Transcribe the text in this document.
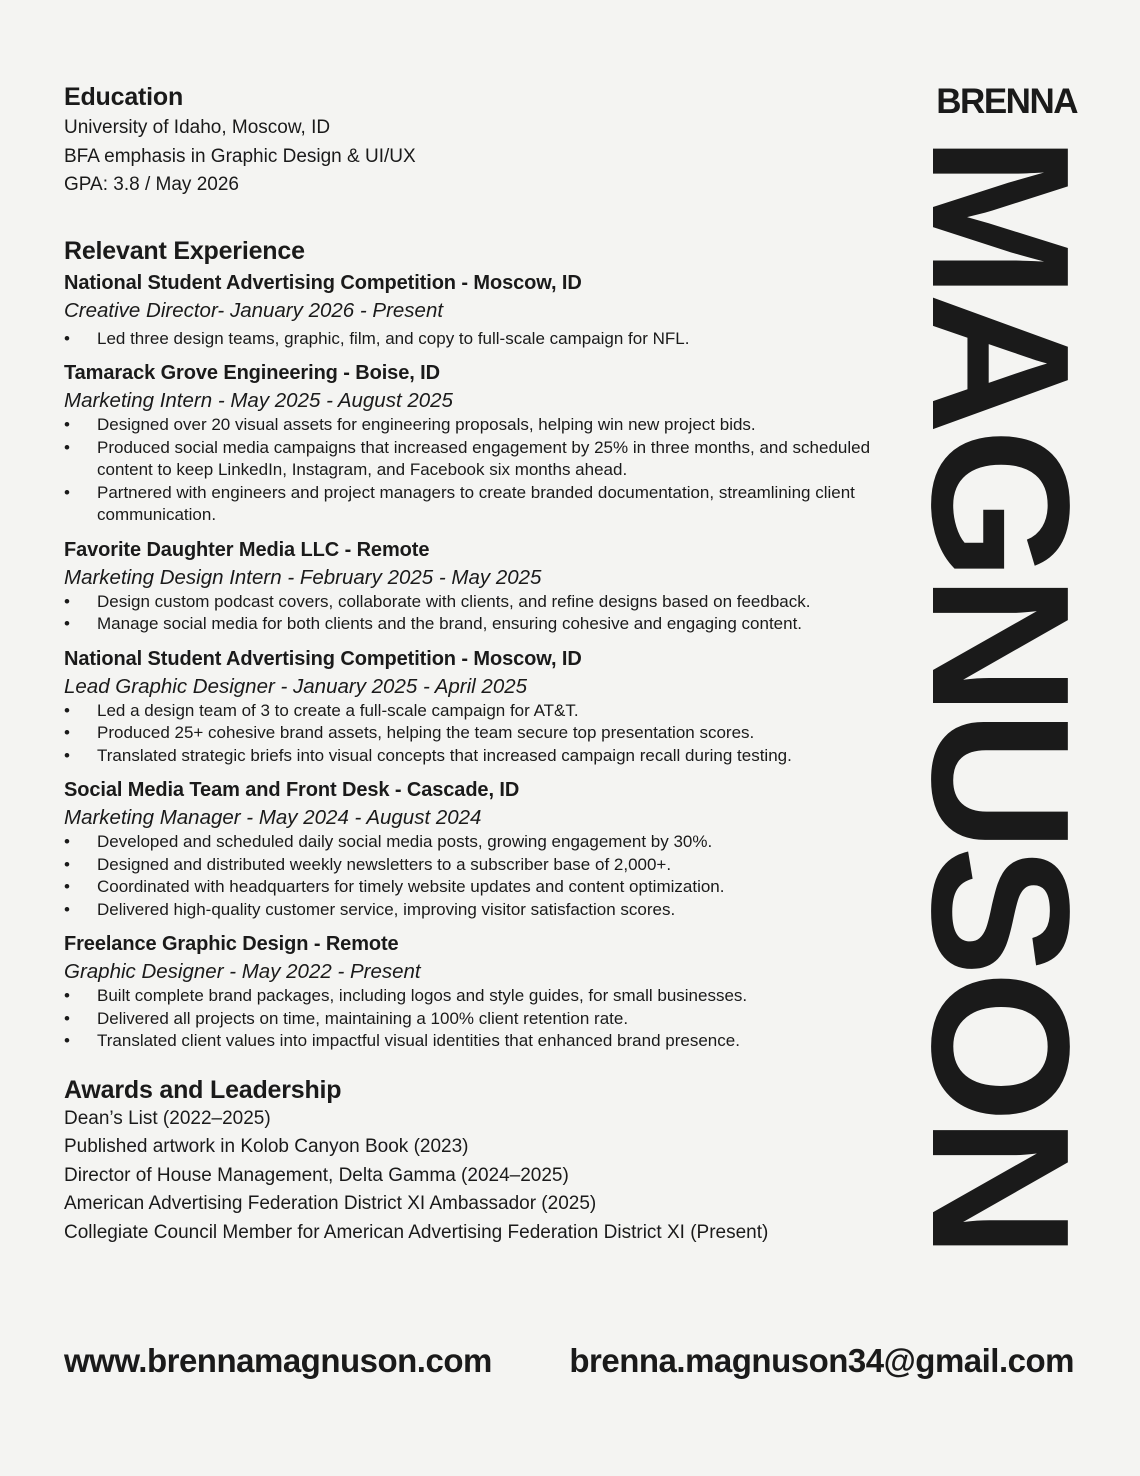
Education

University of Idaho, Moscow, ID

BFA emphasis in Graphic Design & UI/UX

GPA: 3.8 / May 2026

Relevant Experience
National Student Advertising Competition - Moscow, ID
Creative Director- January 2026 - Present
• Led three design teams, graphic, film, and copy to full-scale campaign for NFL.
Tamarack Grove Engineering - Boise, ID
Marketing Intern - May 2025 - August 2025
• Designed over 20 visual assets for engineering proposals, helping win new project bids.
• Produced social media campaigns that increased engagement by 25% in three months, and scheduled content to keep LinkedIn, Instagram, and Facebook six months ahead.
• Partnered with engineers and project managers to create branded documentation, streamlining client communication.
Favorite Daughter Media LLC - Remote
Marketing Design Intern - February 2025 - May 2025
• Design custom podcast covers, collaborate with clients, and refine designs based on feedback.
• Manage social media for both clients and the brand, ensuring cohesive and engaging content.
National Student Advertising Competition - Moscow, ID
Lead Graphic Designer - January 2025 - April 2025
• Led a design team of 3 to create a full-scale campaign for AT&T.
• Produced 25+ cohesive brand assets, helping the team secure top presentation scores.
• Translated strategic briefs into visual concepts that increased campaign recall during testing.
Social Media Team and Front Desk - Cascade, ID
Marketing Manager - May 2024 - August 2024
• Developed and scheduled daily social media posts, growing engagement by 30%.
• Designed and distributed weekly newsletters to a subscriber base of 2,000+.
• Coordinated with headquarters for timely website updates and content optimization.
• Delivered high-quality customer service, improving visitor satisfaction scores.
Freelance Graphic Design - Remote
Graphic Designer - May 2022 - Present
• Built complete brand packages, including logos and style guides, for small businesses.
• Delivered all projects on time, maintaining a 100% client retention rate.
• Translated client values into impactful visual identities that enhanced brand presence.
Awards and Leadership

Dean’s List (2022–2025)

Published artwork in Kolob Canyon Book (2023)

Director of House Management, Delta Gamma (2024–2025)

American Advertising Federation District XI Ambassador (2025)

Collegiate Council Member for American Advertising Federation District XI (Present)

BRENNA
MAGNUSON
www.brennamagnuson.com brenna.magnuson34@gmail.com
